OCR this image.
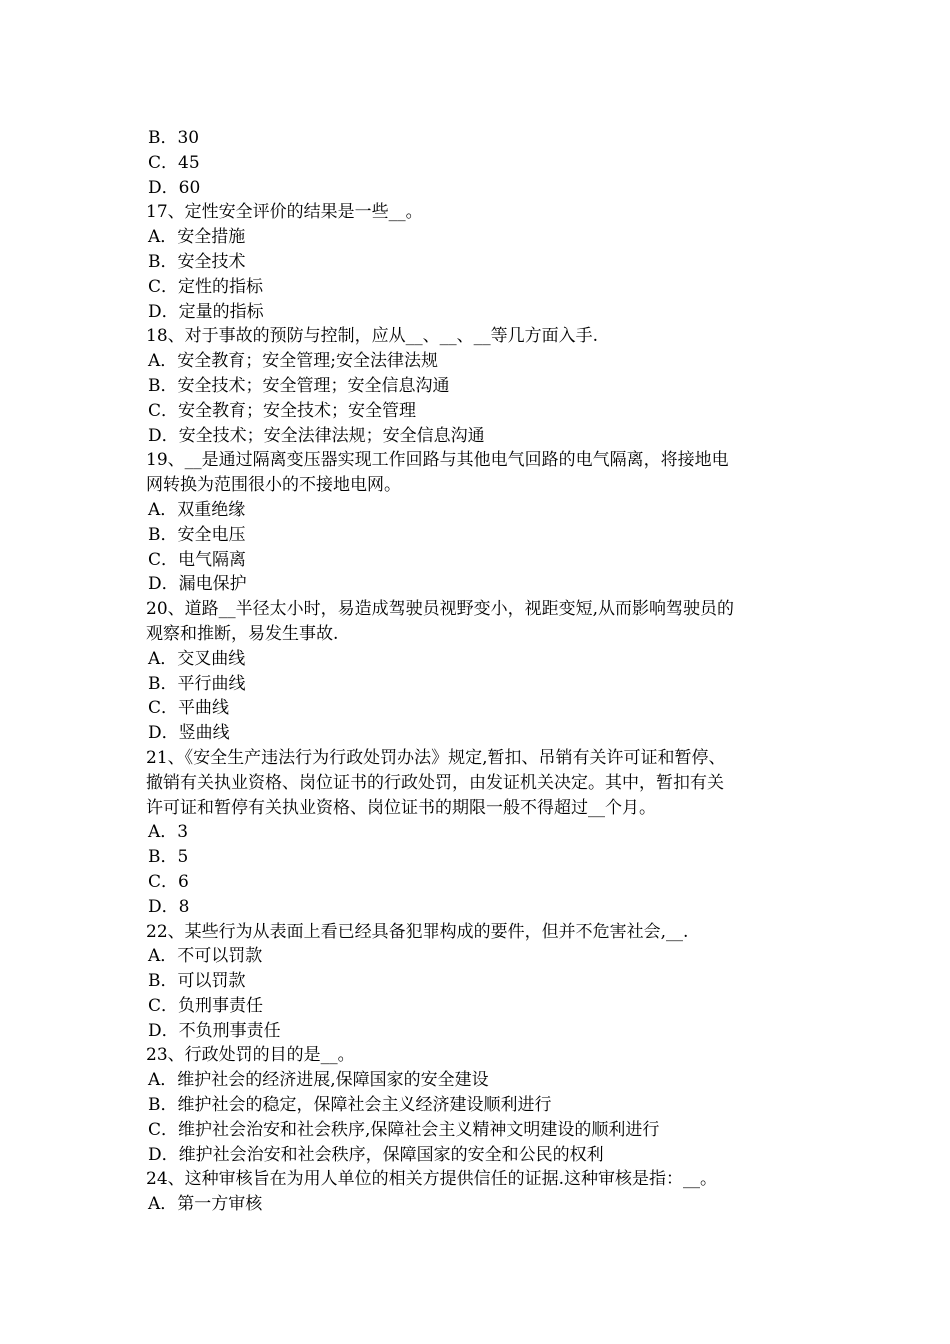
B．30
C．45
D．60
17、定性安全评价的结果是一些__。
A．安全措施
B．安全技术
C．定性的指标
D．定量的指标
18、对于事故的预防与控制，应从__、__、__等几方面入手.
A．安全教育；安全管理;安全法律法规
B．安全技术；安全管理；安全信息沟通
C．安全教育；安全技术；安全管理
D．安全技术；安全法律法规；安全信息沟通
19、__是通过隔离变压器实现工作回路与其他电气回路的电气隔离，将接地电
网转换为范围很小的不接地电网。
A．双重绝缘
B．安全电压
C．电气隔离
D．漏电保护
20、道路__半径太小时，易造成驾驶员视野变小，视距变短,从而影响驾驶员的
观察和推断，易发生事故.
A．交叉曲线
B．平行曲线
C．平曲线
D．竖曲线
21、《安全生产违法行为行政处罚办法》规定,暂扣、吊销有关许可证和暂停、
撤销有关执业资格、岗位证书的行政处罚，由发证机关决定。其中，暂扣有关
许可证和暂停有关执业资格、岗位证书的期限一般不得超过__个月。
A．3
B．5
C．6
D．8
22、某些行为从表面上看已经具备犯罪构成的要件，但并不危害社会,__.
A．不可以罚款
B．可以罚款
C．负刑事责任
D．不负刑事责任
23、行政处罚的目的是__。
A．维护社会的经济进展,保障国家的安全建设
B．维护社会的稳定，保障社会主义经济建设顺利进行
C．维护社会治安和社会秩序,保障社会主义精神文明建设的顺利进行
D．维护社会治安和社会秩序，保障国家的安全和公民的权利
24、这种审核旨在为用人单位的相关方提供信任的证据.这种审核是指：__。
A．第一方审核
